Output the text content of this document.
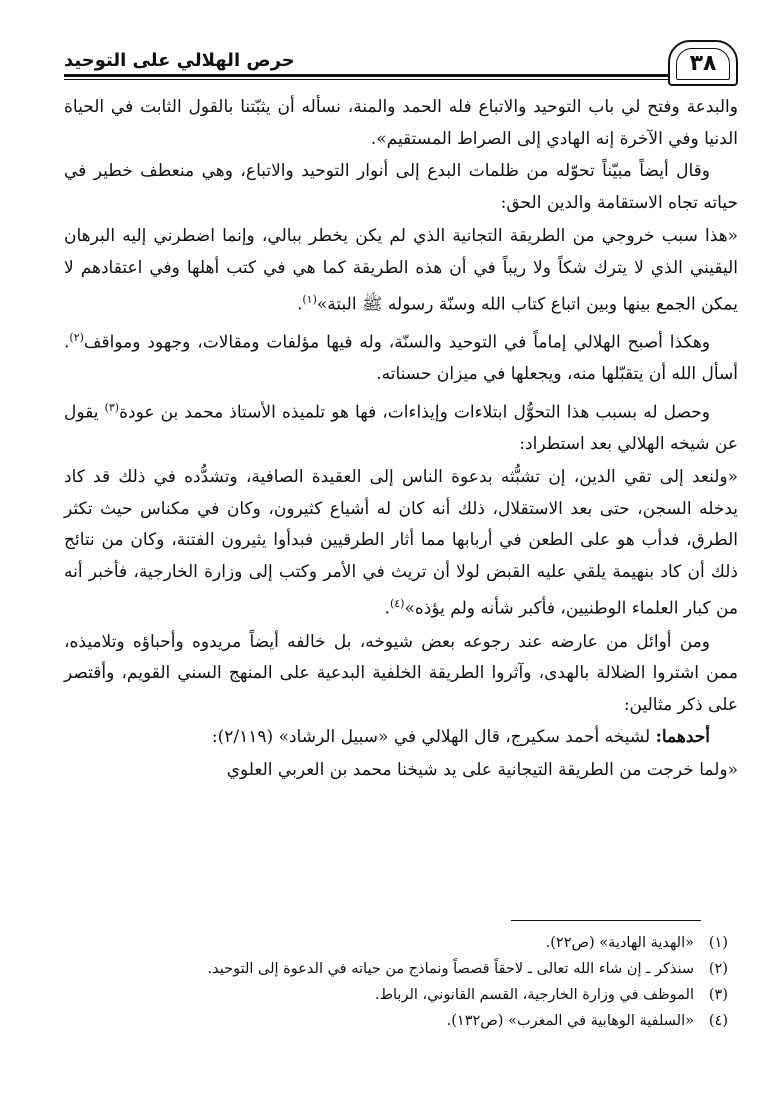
٣٨
حرص الهلالي على التوحيد

والبدعة وفتح لي باب التوحيد والاتباع فله الحمد والمنة، نسأله أن يثبّتنا بالقول الثابت في الحياة الدنيا وفي الآخرة إنه الهادي إلى الصراط المستقيم».

وقال أيضاً مبيّناً تحوّله من ظلمات البدع إلى أنوار التوحيد والاتباع، وهي منعطف خطير في حياته تجاه الاستقامة والدين الحق:

«هذا سبب خروجي من الطريقة التجانية الذي لم يكن يخطر ببالي، وإنما اضطرني إليه البرهان اليقيني الذي لا يترك شكاً ولا ريباً في أن هذه الطريقة كما هي في كتب أهلها وفي اعتقادهم لا يمكن الجمع بينها وبين اتباع كتاب الله وسنّة رسوله ﷺ البتة»$^{(١)}$.

وهكذا أصبح الهلالي إماماً في التوحيد والسنّة، وله فيها مؤلفات ومقالات، وجهود ومواقف$^{(٢)}$. أسأل الله أن يتقبّلها منه، ويجعلها في ميزان حسناته.

وحصل له بسبب هذا التحوُّل ابتلاءات وإيذاءات، فها هو تلميذه الأستاذ محمد بن عودة$^{(٣)}$ يقول عن شيخه الهلالي بعد استطراد:

«ولنعد إلى تقي الدين، إن تشبُّثه بدعوة الناس إلى العقيدة الصافية، وتشدُّده في ذلك قد كاد يدخله السجن، حتى بعد الاستقلال، ذلك أنه كان له أشياع كثيرون، وكان في مكناس حيث تكثر الطرق، فدأب هو على الطعن في أربابها مما أثار الطرقيين فبدأوا يثيرون الفتنة، وكان من نتائج ذلك أن كاد بنهيمة يلقي عليه القبض لولا أن تريث في الأمر وكتب إلى وزارة الخارجية، فأخبر أنه من كبار العلماء الوطنيين، فأكبر شأنه ولم يؤذه»$^{(٤)}$.

ومن أوائل من عارضه عند رجوعه بعض شيوخه، بل خالفه أيضاً مريدوه وأحباؤه وتلاميذه، ممن اشتروا الضلالة بالهدى، وآثروا الطريقة الخلفية البدعية على المنهج السني القويم، وأقتصر على ذكر مثالين:

أحدهما: لشيخه أحمد سكيرج، قال الهلالي في «سبيل الرشاد» (٢/١١٩):

«ولما خرجت من الطريقة التيجانية على يد شيخنا محمد بن العربي العلوي

(١)
«الهدية الهادية» (ص٢٢).
(٢)
سنذكر ـ إن شاء الله تعالى ـ لاحقاً قصصاً ونماذج من حياته في الدعوة إلى التوحيد.
(٣)
الموظف في وزارة الخارجية، القسم القانوني، الرباط.
(٤)
«السلفية الوهابية في المغرب» (ص١٣٢).
